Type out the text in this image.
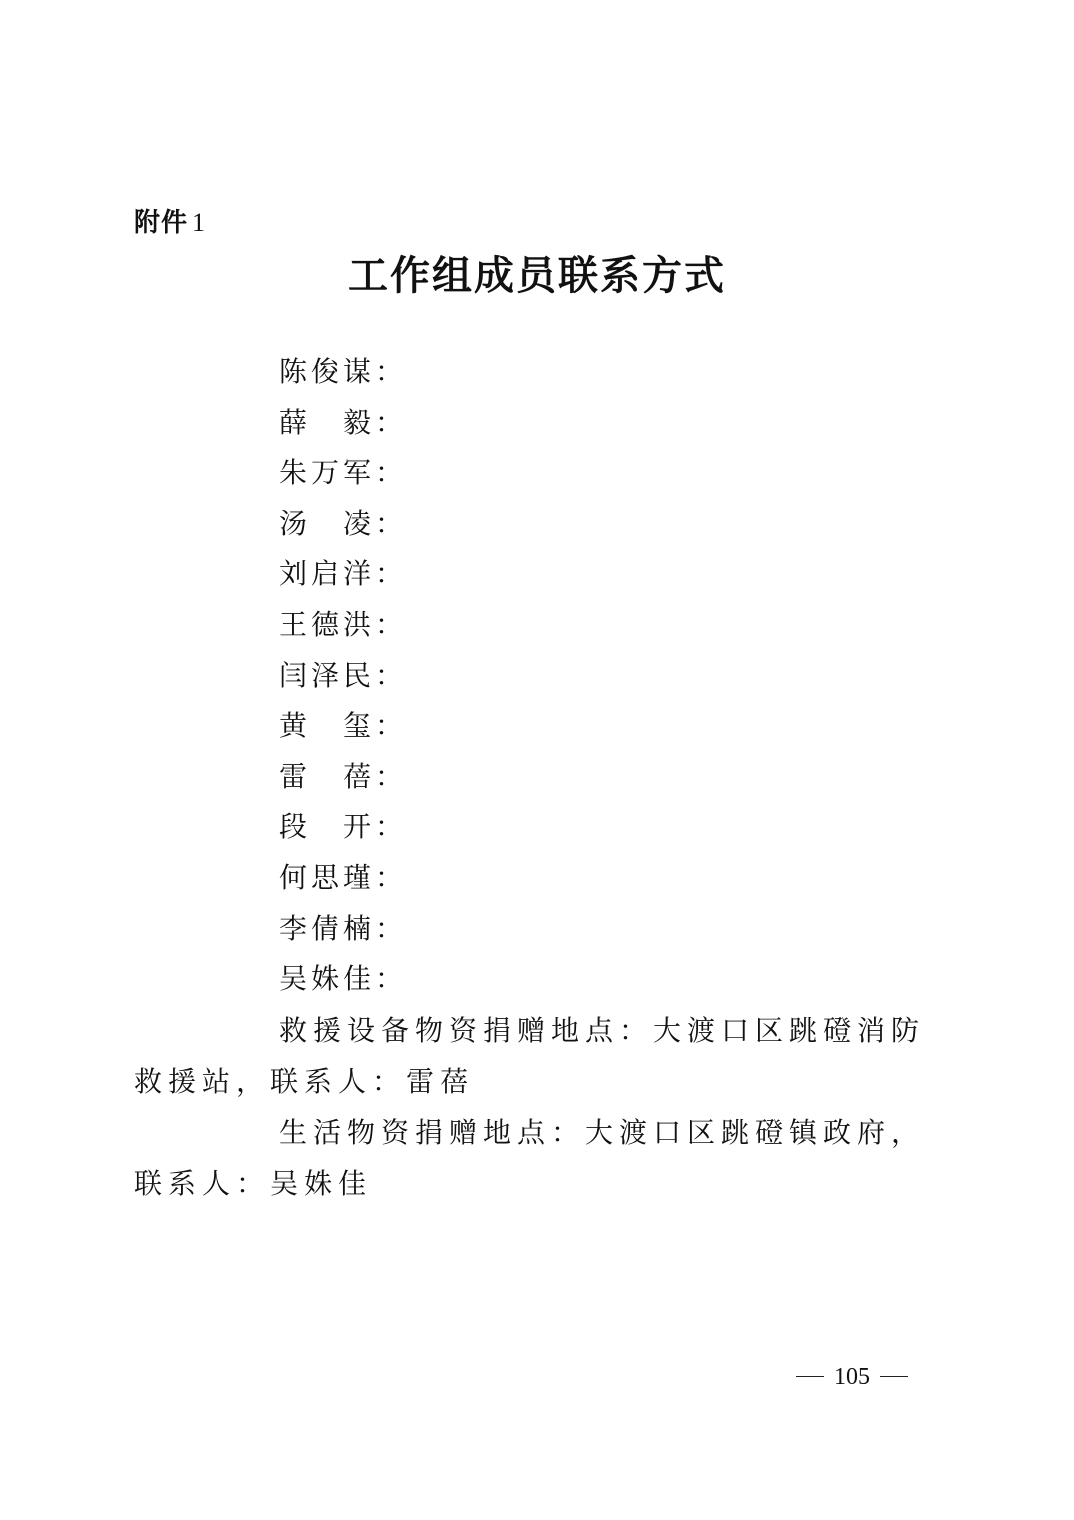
附件 1
工作组成员联系方式
陈俊谋：
薛　毅：
朱万军：
汤　凌：
刘启洋：
王德洪：
闫泽民：
黄　玺：
雷　蓓：
段　开：
何思瑾：
李倩楠：
吴姝佳：
救援设备物资捐赠地点：大渡口区跳磴消防救援站，联系人：雷蓓
生活物资捐赠地点：大渡口区跳磴镇政府，联系人：吴姝佳
105
